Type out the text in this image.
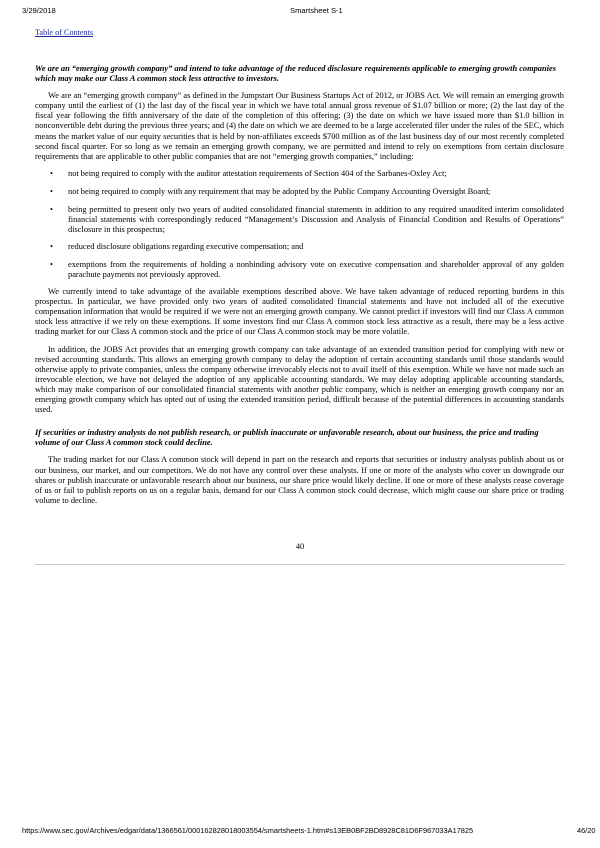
3/29/2018	Smartsheet S-1
Table of Contents

We are an “emerging growth company” and intend to take advantage of the reduced disclosure requirements applicable to emerging growth companies which may make our Class A common stock less attractive to investors.

We are an “emerging growth company” as defined in the Jumpstart Our Business Startups Act of 2012, or JOBS Act. We will remain an emerging growth company until the earliest of (1) the last day of the fiscal year in which we have total annual gross revenue of $1.07 billion or more; (2) the last day of the fiscal year following the fifth anniversary of the date of the completion of this offering; (3) the date on which we have issued more than $1.0 billion in nonconvertible debt during the previous three years; and (4) the date on which we are deemed to be a large accelerated filer under the rules of the SEC, which means the market value of our equity securities that is held by non-affiliates exceeds $700 million as of the last business day of our most recently completed second fiscal quarter. For so long as we remain an emerging growth company, we are permitted and intend to rely on exemptions from certain disclosure requirements that are applicable to other public companies that are not “emerging growth companies,” including:

• not being required to comply with the auditor attestation requirements of Section 404 of the Sarbanes-Oxley Act;
• not being required to comply with any requirement that may be adopted by the Public Company Accounting Oversight Board;
• being permitted to present only two years of audited consolidated financial statements in addition to any required unaudited interim consolidated financial statements with correspondingly reduced “Management’s Discussion and Analysis of Financial Condition and Results of Operations” disclosure in this prospectus;
• reduced disclosure obligations regarding executive compensation; and
• exemptions from the requirements of holding a nonbinding advisory vote on executive compensation and shareholder approval of any golden parachute payments not previously approved.

We currently intend to take advantage of the available exemptions described above. We have taken advantage of reduced reporting burdens in this prospectus. In particular, we have provided only two years of audited consolidated financial statements and have not included all of the executive compensation information that would be required if we were not an emerging growth company. We cannot predict if investors will find our Class A common stock less attractive if we rely on these exemptions. If some investors find our Class A common stock less attractive as a result, there may be a less active trading market for our Class A common stock and the price of our Class A common stock may be more volatile.

In addition, the JOBS Act provides that an emerging growth company can take advantage of an extended transition period for complying with new or revised accounting standards. This allows an emerging growth company to delay the adoption of certain accounting standards until those standards would otherwise apply to private companies, unless the company otherwise irrevocably elects not to avail itself of this exemption. While we have not made such an irrevocable election, we have not delayed the adoption of any applicable accounting standards. We may delay adopting applicable accounting standards, which may make comparison of our consolidated financial statements with another public company, which is neither an emerging growth company nor an emerging growth company which has opted out of using the extended transition period, difficult because of the potential differences in accounting standards used.

If securities or industry analysts do not publish research, or publish inaccurate or unfavorable research, about our business, the price and trading volume of our Class A common stock could decline.

The trading market for our Class A common stock will depend in part on the research and reports that securities or industry analysts publish about us or our business, our market, and our competitors. We do not have any control over these analysts. If one or more of the analysts who cover us downgrade our shares or publish inaccurate or unfavorable research about our business, our share price would likely decline. If one or more of these analysts cease coverage of us or fail to publish reports on us on a regular basis, demand for our Class A common stock could decrease, which might cause our share price or trading volume to decline.

40
https://www.sec.gov/Archives/edgar/data/1366561/000162828018003554/smartsheets-1.htm#s13EB0BF2BD8928C81D6F967033A17825	46/20
